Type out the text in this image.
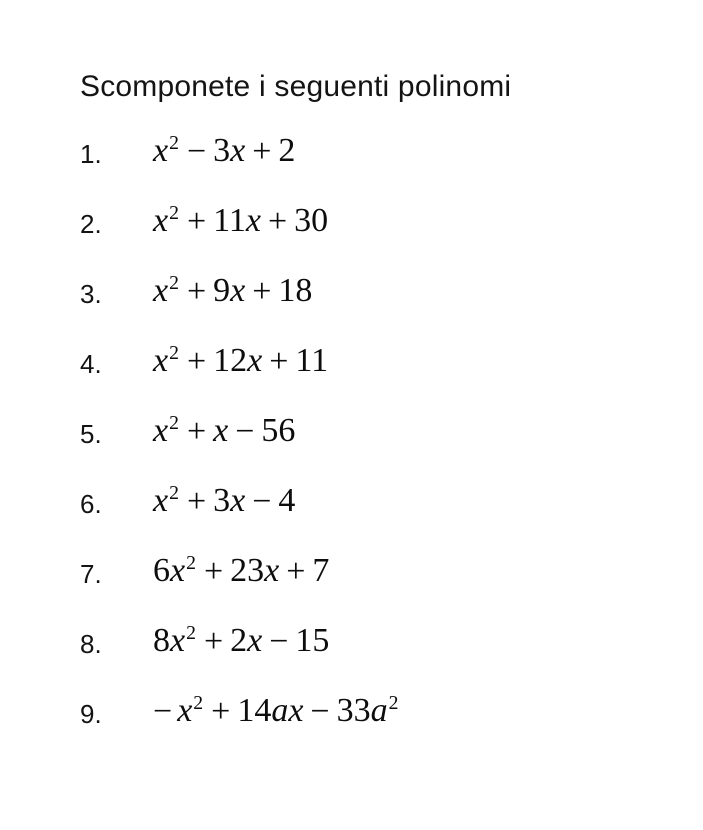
Scomponete i seguenti polinomi
1.	$x^2 - 3x + 2$
2.	$x^2 + 11x + 30$
3.	$x^2 + 9x + 18$
4.	$x^2 + 12x + 11$
5.	$x^2 + x - 56$
6.	$x^2 + 3x - 4$
7.	$6x^2 + 23x + 7$
8.	$8x^2 + 2x - 15$
9.	− $x^2 + 14ax - 33a^2$
